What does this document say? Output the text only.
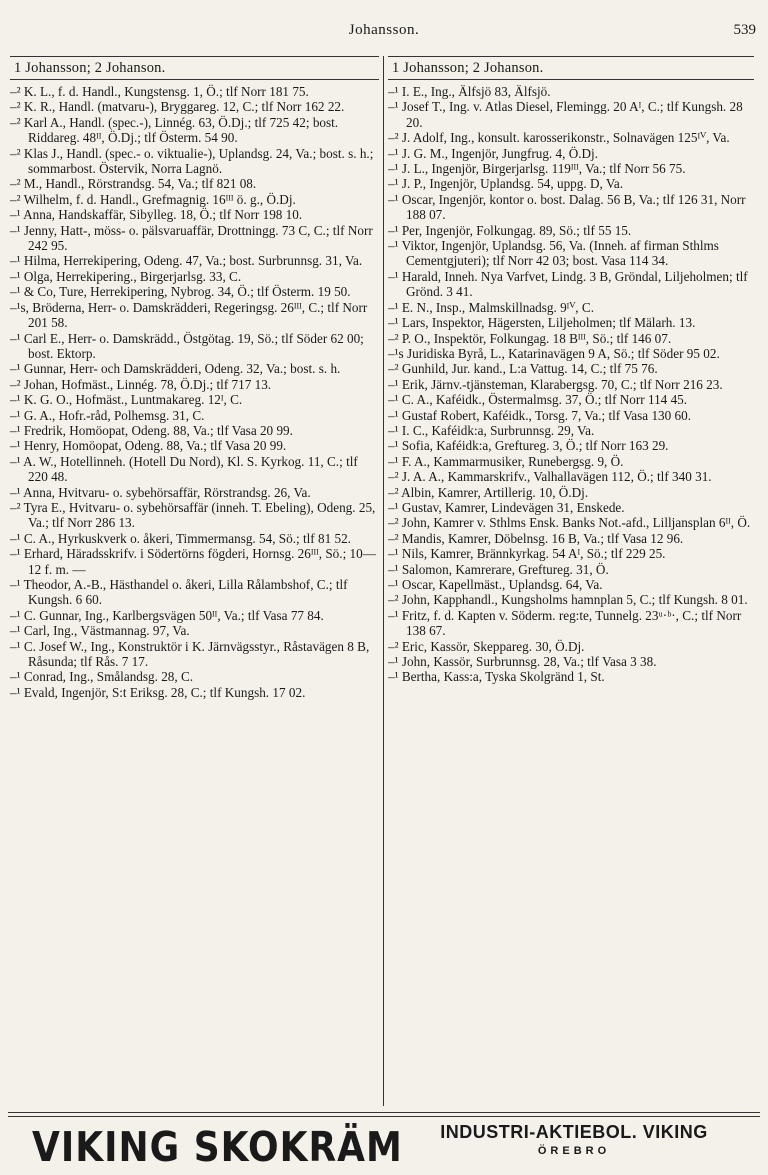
Johansson.	539
1 Johansson; 2 Johanson.

–² K. L., f. d. Handl., Kungstensg. 1, Ö.; tlf Norr 181 75.

–² K. R., Handl. (matvaru-), Bryggareg. 12, C.; tlf Norr 162 22.

–² Karl A., Handl. (spec.-), Linnég. 63, Ö.Dj.; tlf 725 42; bost. Riddareg. 48ᴵᴵ, Ö.Dj.; tlf Österm. 54 90.

–² Klas J., Handl. (spec.- o. viktualie-), Uplandsg. 24, Va.; bost. s. h.; sommarbost. Östervik, Norra Lagnö.

–² M., Handl., Rörstrandsg. 54, Va.; tlf 821 08.

–² Wilhelm, f. d. Handl., Grefmagnig. 16ᴵᴵᴵ ö. g., Ö.Dj.

–¹ Anna, Handskaffär, Sibylleg. 18, Ö.; tlf Norr 198 10.

–¹ Jenny, Hatt-, möss- o. pälsvaruaffär, Drottningg. 73 C, C.; tlf Norr 242 95.

–¹ Hilma, Herrekipering, Odeng. 47, Va.; bost. Surbrunnsg. 31, Va.

–¹ Olga, Herrekipering., Birgerjarlsg. 33, C.

–¹ & Co, Ture, Herrekipering, Nybrog. 34, Ö.; tlf Österm. 19 50.

–¹s, Bröderna, Herr- o. Damskrädderi, Regeringsg. 26ᴵᴵᴵ, C.; tlf Norr 201 58.

–¹ Carl E., Herr- o. Damskrädd., Östgötag. 19, Sö.; tlf Söder 62 00; bost. Ektorp.

–¹ Gunnar, Herr- och Damskrädderi, Odeng. 32, Va.; bost. s. h.

–² Johan, Hofmäst., Linnég. 78, Ö.Dj.; tlf 717 13.

–¹ K. G. O., Hofmäst., Luntmakareg. 12ᴵ, C.

–¹ G. A., Hofr.-råd, Polhemsg. 31, C.

–¹ Fredrik, Homöopat, Odeng. 88, Va.; tlf Vasa 20 99.

–¹ Henry, Homöopat, Odeng. 88, Va.; tlf Vasa 20 99.

–¹ A. W., Hotellinneh. (Hotell Du Nord), Kl. S. Kyrkog. 11, C.; tlf 220 48.

–¹ Anna, Hvitvaru- o. sybehörsaffär, Rörstrandsg. 26, Va.

–² Tyra E., Hvitvaru- o. sybehörsaffär (inneh. T. Ebeling), Odeng. 25, Va.; tlf Norr 286 13.

–¹ C. A., Hyrkuskverk o. åkeri, Timmermansg. 54, Sö.; tlf 81 52.

–¹ Erhard, Häradsskrifv. i Södertörns fögderi, Hornsg. 26ᴵᴵᴵ, Sö.; 10—12 f. m. —

–¹ Theodor, A.-B., Hästhandel o. åkeri, Lilla Rålambshof, C.; tlf Kungsh. 6 60.

–¹ C. Gunnar, Ing., Karlbergsvägen 50ᴵᴵ, Va.; tlf Vasa 77 84.

–¹ Carl, Ing., Västmannag. 97, Va.

–¹ C. Josef W., Ing., Konstruktör i K. Järnvägsstyr., Råstavägen 8 B, Råsunda; tlf Rås. 7 17.

–¹ Conrad, Ing., Smålandsg. 28, C.

–¹ Evald, Ingenjör, S:t Eriksg. 28, C.; tlf Kungsh. 17 02.

1 Johansson; 2 Johanson.

–¹ I. E., Ing., Älfsjö 83, Älfsjö.

–¹ Josef T., Ing. v. Atlas Diesel, Flemingg. 20 Aᴵ, C.; tlf Kungsh. 28 20.

–² J. Adolf, Ing., konsult. karosserikonstr., Solnavägen 125ᴵⱽ, Va.

–¹ J. G. M., Ingenjör, Jungfrug. 4, Ö.Dj.

–¹ J. L., Ingenjör, Birgerjarlsg. 119ᴵᴵᴵ, Va.; tlf Norr 56 75.

–¹ J. P., Ingenjör, Uplandsg. 54, uppg. D, Va.

–¹ Oscar, Ingenjör, kontor o. bost. Dalag. 56 B, Va.; tlf 126 31, Norr 188 07.

–¹ Per, Ingenjör, Folkungag. 89, Sö.; tlf 55 15.

–¹ Viktor, Ingenjör, Uplandsg. 56, Va. (Inneh. af firman Sthlms Cementgjuteri); tlf Norr 42 03; bost. Vasa 114 34.

–¹ Harald, Inneh. Nya Varfvet, Lindg. 3 B, Gröndal, Liljeholmen; tlf Grönd. 3 41.

–¹ E. N., Insp., Malmskillnadsg. 9ᴵⱽ, C.

–¹ Lars, Inspektor, Hägersten, Liljeholmen; tlf Mälarh. 13.

–² P. O., Inspektör, Folkungag. 18 Bᴵᴵᴵ, Sö.; tlf 146 07.

–¹s Juridiska Byrå, L., Katarinavägen 9 A, Sö.; tlf Söder 95 02.

–² Gunhild, Jur. kand., L:a Vattug. 14, C.; tlf 75 76.

–¹ Erik, Järnv.-tjänsteman, Klarabergsg. 70, C.; tlf Norr 216 23.

–¹ C. A., Kaféidk., Östermalmsg. 37, Ö.; tlf Norr 114 45.

–¹ Gustaf Robert, Kaféidk., Torsg. 7, Va.; tlf Vasa 130 60.

–¹ I. C., Kaféidk:a, Surbrunnsg. 29, Va.

–¹ Sofia, Kaféidk:a, Greftureg. 3, Ö.; tlf Norr 163 29.

–¹ F. A., Kammarmusiker, Runebergsg. 9, Ö.

–² J. A. A., Kammarskrifv., Valhallavägen 112, Ö.; tlf 340 31.

–² Albin, Kamrer, Artillerig. 10, Ö.Dj.

–¹ Gustav, Kamrer, Lindevägen 31, Enskede.

–² John, Kamrer v. Sthlms Ensk. Banks Not.-afd., Lilljansplan 6ᴵᴵ, Ö.

–² Mandis, Kamrer, Döbelnsg. 16 B, Va.; tlf Vasa 12 96.

–¹ Nils, Kamrer, Brännkyrkag. 54 Aᴵ, Sö.; tlf 229 25.

–¹ Salomon, Kamrerare, Greftureg. 31, Ö.

–¹ Oscar, Kapellmäst., Uplandsg. 64, Va.

–² John, Kapphandl., Kungsholms hamnplan 5, C.; tlf Kungsh. 8 01.

–¹ Fritz, f. d. Kapten v. Söderm. reg:te, Tunnelg. 23ᵘ·ᵇ·, C.; tlf Norr 138 67.

–² Eric, Kassör, Skeppareg. 30, Ö.Dj.

–¹ John, Kassör, Surbrunnsg. 28, Va.; tlf Vasa 3 38.

–¹ Bertha, Kass:a, Tyska Skolgränd 1, St.

VIKING SKOKRÄM	INDUSTRI-AKTIEBOL. VIKING
ÖREBRO
